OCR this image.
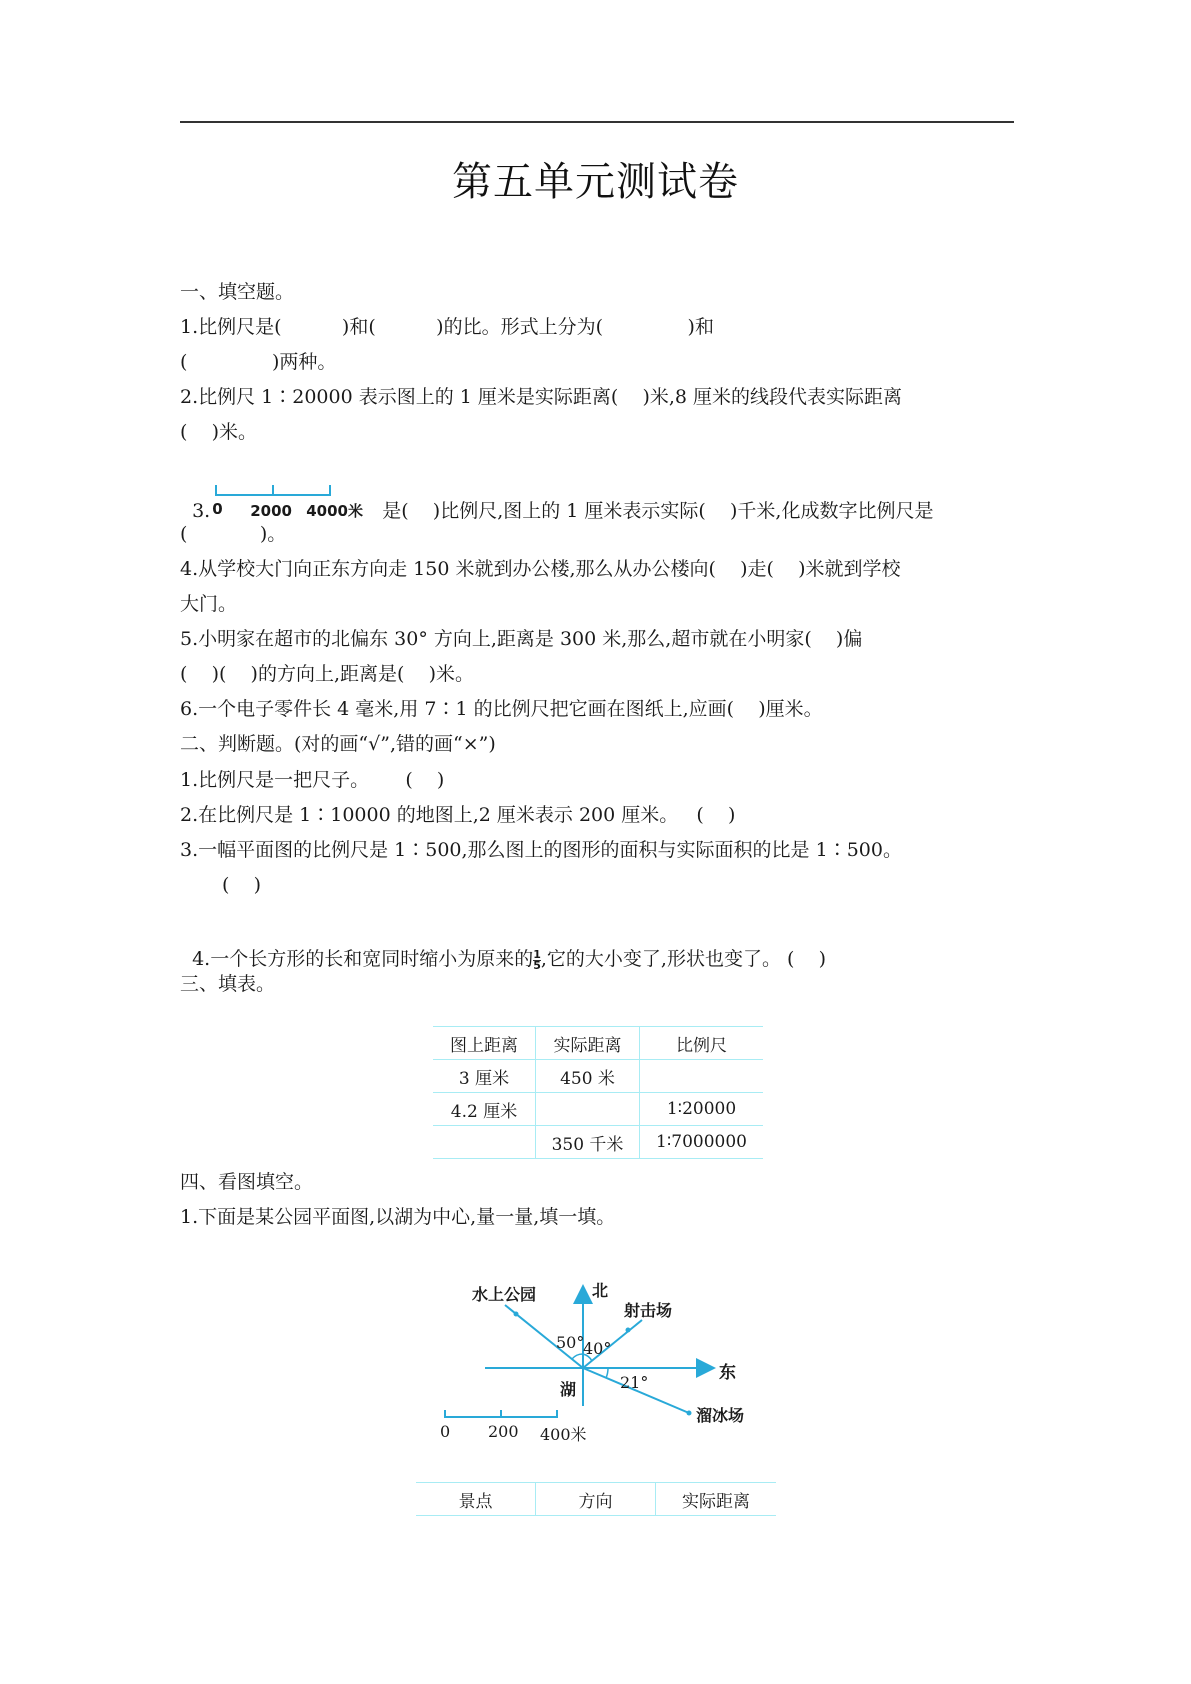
第五单元测试卷
一、填空题。
1.比例尺是(          )和(          )的比。形式上分为(              )和
(              )两种。
2.比例尺 1∶20000 表示图上的 1 厘米是实际距离(    )米,8 厘米的线段代表实际距离
(    )米。

3.

0

2000

4000米 是(    )比例尺,图上的 1 厘米表示实际(    )千米,化成数字比例尺是

(            )。
4.从学校大门向正东方向走 150 米就到办公楼,那么从办公楼向(    )走(    )米就到学校
大门。
5.小明家在超市的北偏东 30° 方向上,距离是 300 米,那么,超市就在小明家(    )偏
(    )(    )的方向上,距离是(    )米。
6.一个电子零件长 4 毫米,用 7∶1 的比例尺把它画在图纸上,应画(    )厘米。
二、判断题。(对的画“√”,错的画“×”)
1.比例尺是一把尺子。      (    )
2.在比例尺是 1∶10000 的地图上,2 厘米表示 200 厘米。   (    )
3.一幅平面图的比例尺是 1∶500,那么图上的图形的面积与实际面积的比是 1∶500。
(    )

4.一个长方形的长和宽同时缩小为原来的 $\frac{1}{5}$ ,它的大小变了,形状也变了。 (    )

三、填表。
图上距离	实际距离	比例尺
3 厘米	450 米	
4.2 厘米		1∶20000
	350 千米	1∶7000000
四、看图填空。
1.下面是某公园平面图,以湖为中心,量一量,填一填。
水上公园	北
射击场
50°
40°
东
湖	21°
溜冰场
0 200 400米
景点	方向	实际距离
